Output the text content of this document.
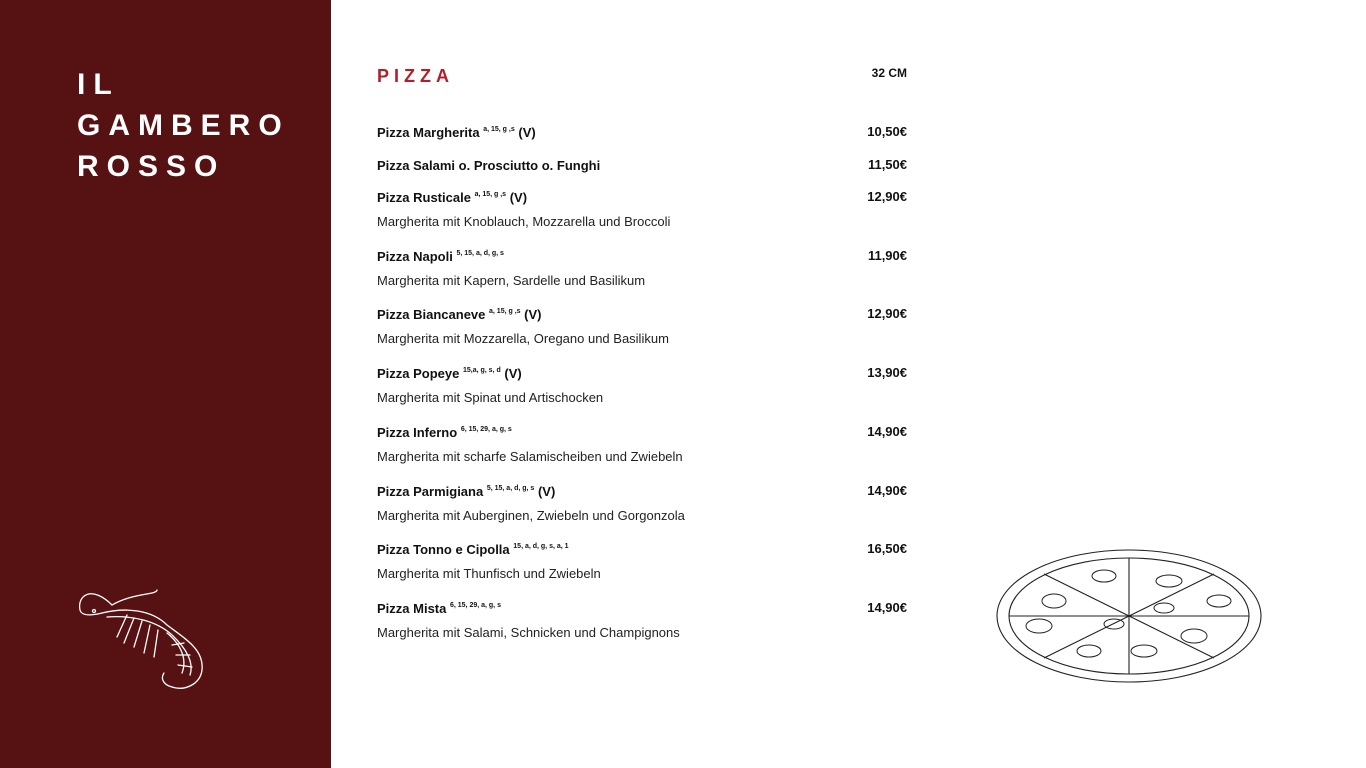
IL
GAMBERO
ROSSO
PIZZA	32 CM
Pizza Margherita $^{a, 15, g ,s}$ (V)	10,50€
Pizza Salami o. Prosciutto o. Funghi	11,50€
Pizza Rusticale $^{a, 15, g ,s}$ (V)	12,90€
Margherita mit Knoblauch, Mozzarella und Broccoli
Pizza Napoli $^{5, 15, a, d, g, s}$	11,90€
Margherita mit Kapern, Sardelle und Basilikum
Pizza Biancaneve $^{a, 15, g ,s}$ (V)	12,90€
Margherita mit Mozzarella, Oregano und Basilikum
Pizza Popeye $^{15,a, g, s, d}$ (V)	13,90€
Margherita mit Spinat und Artischocken
Pizza Inferno $^{6, 15, 29, a, g, s}$	14,90€
Margherita mit scharfe Salamischeiben und Zwiebeln
Pizza Parmigiana $^{5, 15, a, d, g, s}$ (V)	14,90€
Margherita mit Auberginen, Zwiebeln und Gorgonzola
Pizza Tonno e Cipolla $^{15, a, d, g, s, a, 1}$	16,50€
Margherita mit Thunfisch und Zwiebeln
Pizza Mista $^{6, 15, 29, a, g, s}$	14,90€
Margherita mit Salami, Schnicken und Champignons
